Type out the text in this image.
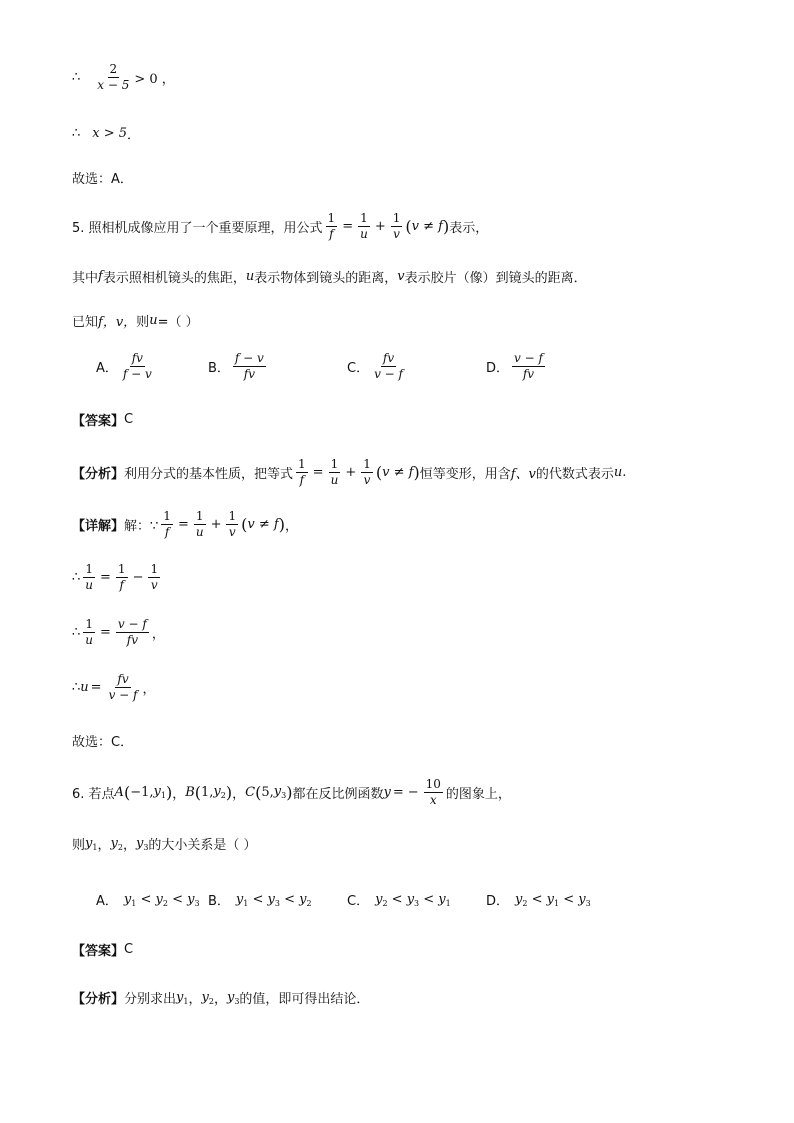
∴ $\frac{2}{x - 5} > 0$ ，
∴ x > 5 ．
故选：A．
5. 照相机成像应用了一个重要原理，用公式 $\frac{1}{f} = \frac{1}{u} + \frac{1}{v}$ ( v ≠ f ) 表示，
其中 f 表示照相机镜头的焦距， u 表示物体到镜头的距离， v 表示胶片（像）到镜头的距离．
已知 f，v， 则 u =（ ）
A． $\frac{fv}{f - v}$	B． $\frac{f - v}{fv}$	C． $\frac{fv}{v - f}$	D． $\frac{v - f}{fv}$
【答案】 C
【分析】 利用分式的基本性质，把等式 $\frac{1}{f} = \frac{1}{u} + \frac{1}{v}$ ( v ≠ f ) 恒等变形，用含 f、v 的代数式表示 u.
【详解】 解：∵ $\frac{1}{f} = \frac{1}{u} + \frac{1}{v}$ ( v ≠ f ) ，
∴ $\frac{1}{u} = \frac{1}{f} - \frac{1}{v}$
∴ $\frac{1}{u} = \frac{v - f}{fv}$ ，
∴ $u = \frac{fv}{v - f}$ ，
故选：C．
6. 若点 A ( −1, $y_1$ ) ， B ( 1, $y_2$ ) ， C ( 5, $y_3$ ) 都在反比例函数 y = − $\frac{10}{x}$ 的图象上，
则 $y_1$ ， $y_2$ ， $y_3$ 的大小关系是（ ）
A． $y_1 < y_2 < y_3$ B． $y_1 < y_3 < y_2$	C． $y_2 < y_3 < y_1$	D． $y_2 < y_1 < y_3$
【答案】 C
【分析】 分别求出 $y_1$ ， $y_2$ ， $y_3$ 的值，即可得出结论．
